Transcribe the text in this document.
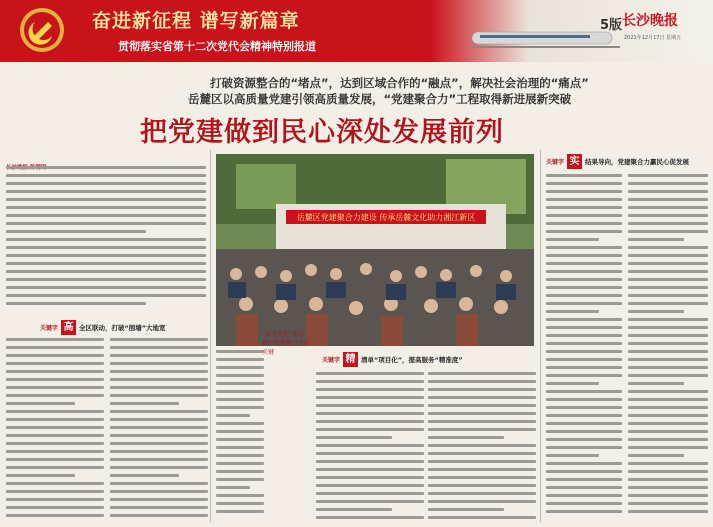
奋进新征程 谱写新篇章
贯彻落实省第十二次党代会精神特别报道
5版 长沙晚报
2021年12月17日 星期五
打破资源整合的“堵点”，达到区域合作的“融点”，解决社会治理的“痛点”
岳麓区以高质量党建引领高质量发展，“党建聚合力”工程取得新进展新突破
把党建做到民心深处发展前列
关键字 高 全区联动，打破“围墙”大地宽
岳麓区党建聚合力建设 传承岳麓文化助力湘江新区
“高关党建”是岳麓区党建聚合力的关键
关键字 精 清单“项目化”，提高服务“精准度”
关键字 实 结果导向，党建聚合力赢民心促发展
